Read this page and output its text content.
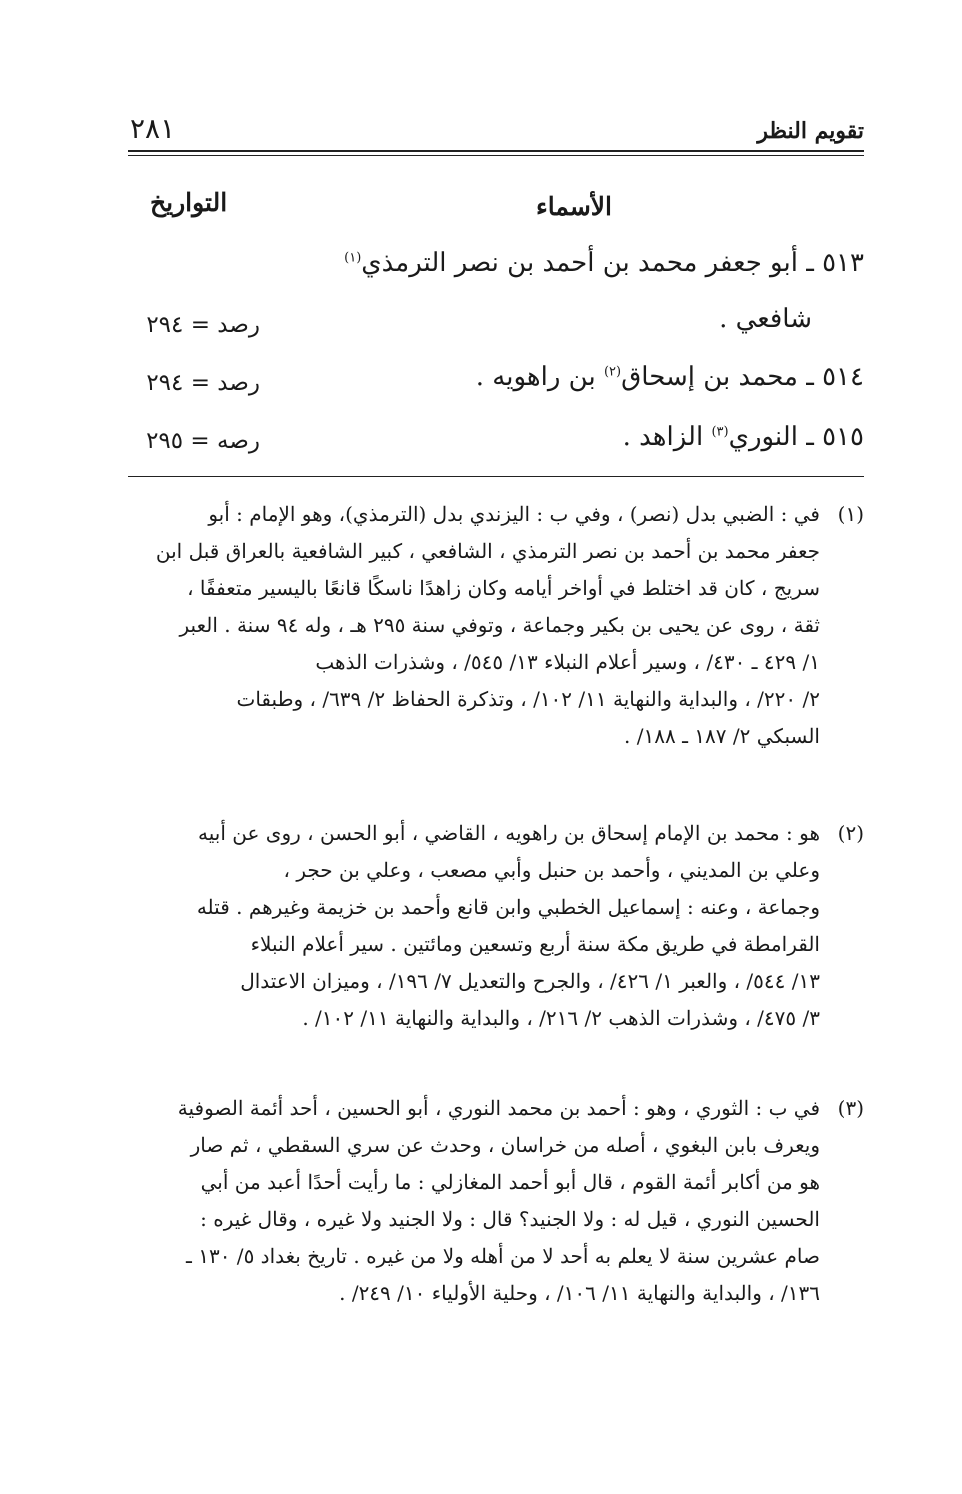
تقويم النظر
٢٨١
الأسماء
التواريخ
٥١٣ ـ أبو جعفر محمد بن أحمد بن نصر الترمذي$^{(١)}$
شافعي .
رصد = ٢٩٤
٥١٤ ـ محمد بن إسحاق$^{(٢)}$ بن راهويه .
رصد = ٢٩٤
٥١٥ ـ النوري$^{(٣)}$ الزاهد .
رصه = ٢٩٥
(١)في : الضبي بدل (نصر) ، وفي ب : اليزندي بدل (الترمذي)، وهو الإمام : أبو
جعفر محمد بن أحمد بن نصر الترمذي ، الشافعي ، كبير الشافعية بالعراق قبل ابن
سريج ، كان قد اختلط في أواخر أيامه وكان زاهدًا ناسكًا قانعًا باليسير متعففًا ،
ثقة ، روى عن يحيى بن بكير وجماعة ، وتوفي سنة ٢٩٥ هـ ، وله ٩٤ سنة . العبر
١/ ٤٢٩ ـ ٤٣٠/ ، وسير أعلام النبلاء ١٣/ ٥٤٥/ ، وشذرات الذهب
٢/ ٢٢٠/ ، والبداية والنهاية ١١/ ١٠٢/ ، وتذكرة الحفاظ ٢/ ٦٣٩/ ، وطبقات
السبكي ٢/ ١٨٧ ـ ١٨٨/ .
(٢)هو : محمد بن الإمام إسحاق بن راهويه ، القاضي ، أبو الحسن ، روى عن أبيه
وعلي بن المديني ، وأحمد بن حنبل وأبي مصعب ، وعلي بن حجر ،
وجماعة ، وعنه : إسماعيل الخطبي وابن قانع وأحمد بن خزيمة وغيرهم . قتله
القرامطة في طريق مكة سنة أربع وتسعين ومائتين . سير أعلام النبلاء
١٣/ ٥٤٤/ ، والعبر ١/ ٤٢٦/ ، والجرح والتعديل ٧/ ١٩٦/ ، وميزان الاعتدال
٣/ ٤٧٥/ ، وشذرات الذهب ٢/ ٢١٦/ ، والبداية والنهاية ١١/ ١٠٢/ .
(٣)في ب : الثوري ، وهو : أحمد بن محمد النوري ، أبو الحسين ، أحد أئمة الصوفية
ويعرف بابن البغوي ، أصله من خراسان ، وحدث عن سري السقطي ، ثم صار
هو من أكابر أئمة القوم ، قال أبو أحمد المغازلي : ما رأيت أحدًا أعبد من أبي
الحسين النوري ، قيل له : ولا الجنيد؟ قال : ولا الجنيد ولا غيره ، وقال غيره :
صام عشرين سنة لا يعلم به أحد لا من أهله ولا من غيره . تاريخ بغداد ٥/ ١٣٠ ـ
١٣٦/ ، والبداية والنهاية ١١/ ١٠٦/ ، وحلية الأولياء ١٠/ ٢٤٩/ .
